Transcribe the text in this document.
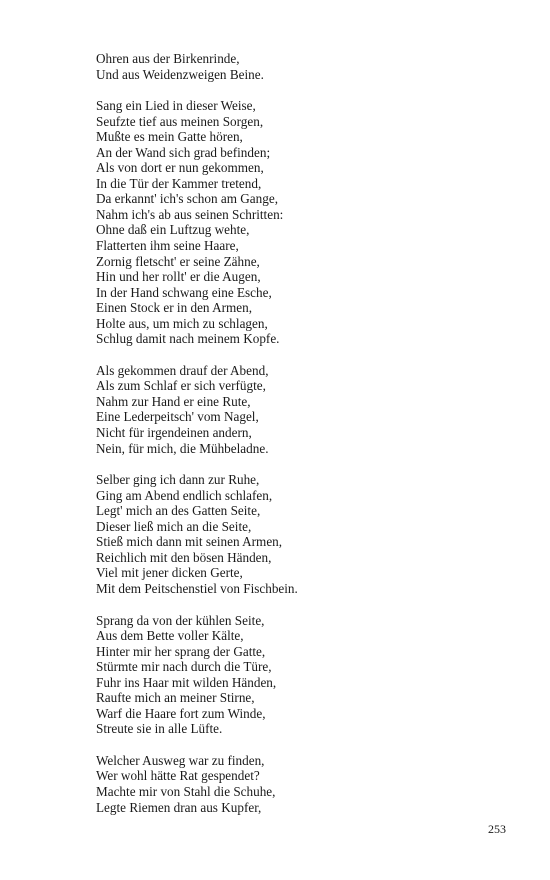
Ohren aus der Birkenrinde,
Und aus Weidenzweigen Beine.
Sang ein Lied in dieser Weise,
Seufzte tief aus meinen Sorgen,
Mußte es mein Gatte hören,
An der Wand sich grad befinden;
Als von dort er nun gekommen,
In die Tür der Kammer tretend,
Da erkannt' ich's schon am Gange,
Nahm ich's ab aus seinen Schritten:
Ohne daß ein Luftzug wehte,
Flatterten ihm seine Haare,
Zornig fletscht' er seine Zähne,
Hin und her rollt' er die Augen,
In der Hand schwang eine Esche,
Einen Stock er in den Armen,
Holte aus, um mich zu schlagen,
Schlug damit nach meinem Kopfe.
Als gekommen drauf der Abend,
Als zum Schlaf er sich verfügte,
Nahm zur Hand er eine Rute,
Eine Lederpeitsch' vom Nagel,
Nicht für irgendeinen andern,
Nein, für mich, die Mühbeladne.
Selber ging ich dann zur Ruhe,
Ging am Abend endlich schlafen,
Legt' mich an des Gatten Seite,
Dieser ließ mich an die Seite,
Stieß mich dann mit seinen Armen,
Reichlich mit den bösen Händen,
Viel mit jener dicken Gerte,
Mit dem Peitschenstiel von Fischbein.
Sprang da von der kühlen Seite,
Aus dem Bette voller Kälte,
Hinter mir her sprang der Gatte,
Stürmte mir nach durch die Türe,
Fuhr ins Haar mit wilden Händen,
Raufte mich an meiner Stirne,
Warf die Haare fort zum Winde,
Streute sie in alle Lüfte.
Welcher Ausweg war zu finden,
Wer wohl hätte Rat gespendet?
Machte mir von Stahl die Schuhe,
Legte Riemen dran aus Kupfer,
253
